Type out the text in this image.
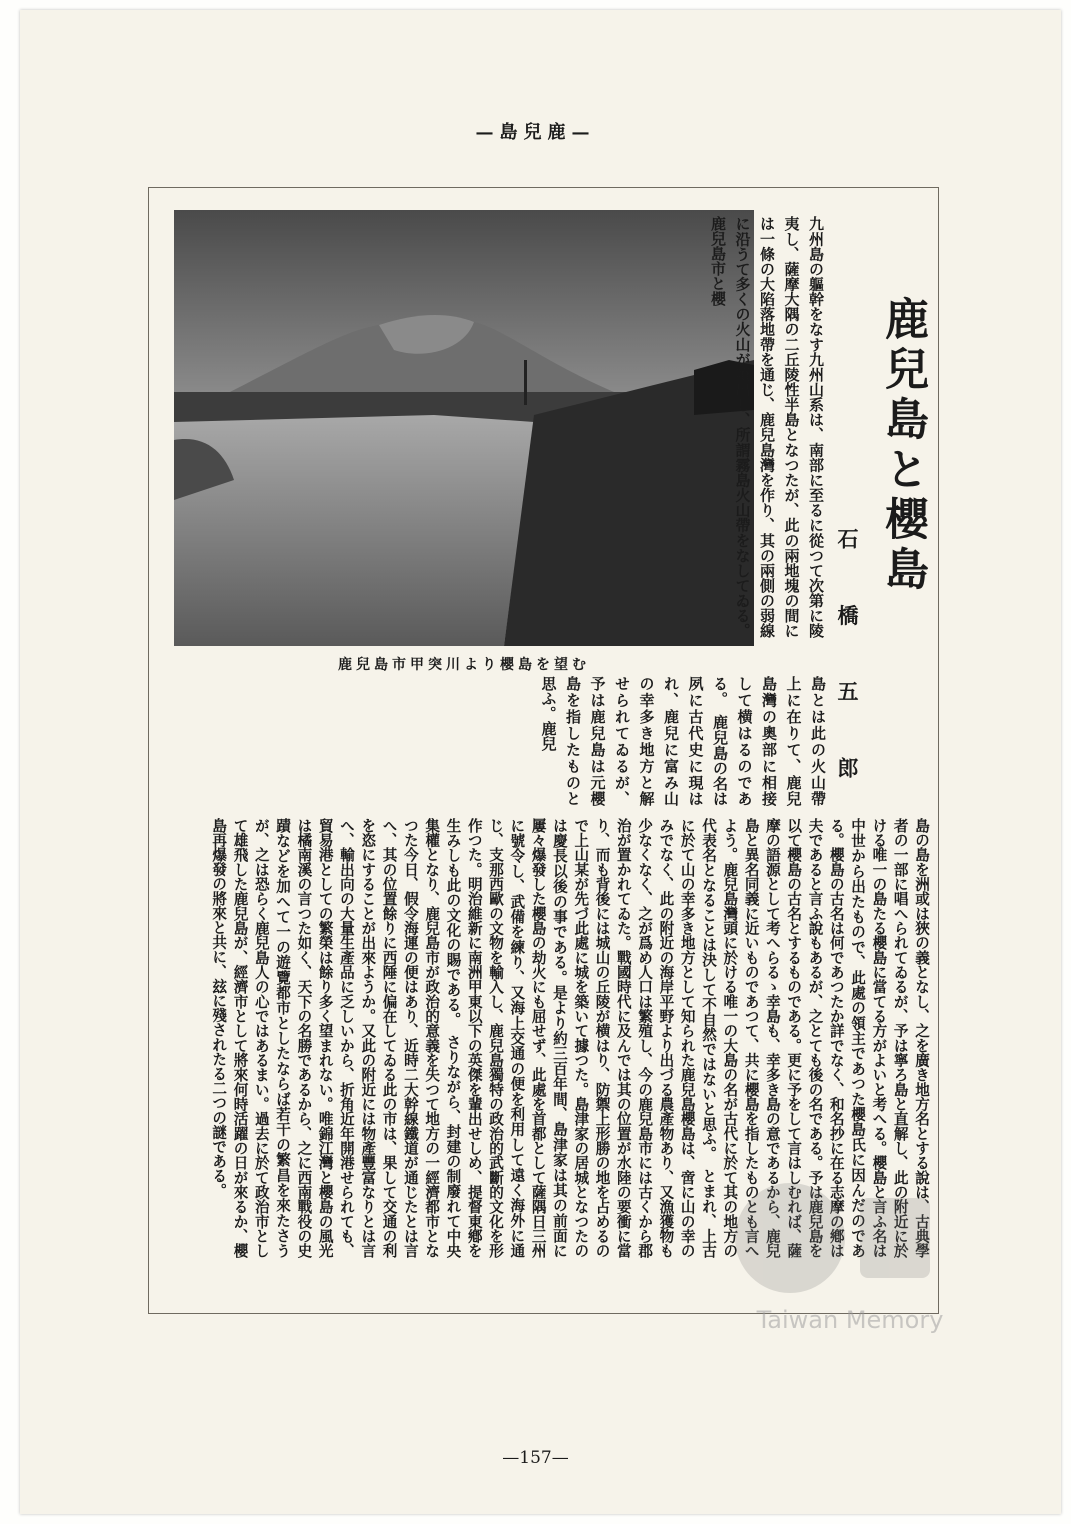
—島兒鹿—
鹿兒島市甲突川より櫻島を望む
鹿兒島と櫻島
石 橋 五 郎
九州島の軀幹をなす九州山系は、南部に至るに從つて次第に陵夷し、薩摩大隅の二丘陵性半島となつたが、此の兩地塊の間には一條の大陷落地帶を通じ、鹿兒島灣を作り、其の兩側の弱線に沿うて多くの火山が噴出し、所謂霧島火山帶をなしてゐる。鹿兒島市と櫻
島とは此の火山帶上に在りて、鹿兒島灣の奧部に相接して横はるのである。　鹿兒島の名は夙に古代史に現はれ、鹿兒に富み山の幸多き地方と解せられてゐるが、予は鹿兒島は元櫻島を指したものと思ふ。鹿兒
島の島を洲或は狹の義となし、之を廣き地方名とする說は、古典學者の一部に唱へられてゐるが、予は寧ろ島と直解し、此の附近に於ける唯一の島たる櫻島に當てる方がよいと考へる。櫻島と言ふ名は中世から出たもので、此處の領主であつた櫻島氏に因んだのである。櫻島の古名は何であつたか詳でなく、和名抄に在る志摩の鄕は夫であると言ふ說もあるが、之とても後の名である。予は鹿兒島を以て櫻島の古名とするものである。更に予をして言はしむれば、薩摩の語源として考へらるゝ幸島も、幸多き島の意であるから、鹿兒島と異名同義に近いものであつて、共に櫻島を指したものとも言へよう。鹿兒島灣頭に於ける唯一の大島の名が古代に於て其の地方の代表名となることは決して不自然ではないと思ふ。　とまれ、上古に於て山の幸多き地方として知られた鹿兒島櫻島は、啻に山の幸のみでなく、此の附近の海岸平野より出づる農產物あり、又漁獲物も少なくなく、之が爲め人口は繁殖し、今の鹿兒島市には古くから郡治が置かれてゐた。戰國時代に及んでは其の位置が水陸の要衝に當り、而も背後には城山の丘陵が横はり、防禦上形勝の地を占めるので上山某が先づ此處に城を築いて據つた。島津家の居城となつたのは慶長以後の事である。是より約三百年間、島津家は其の前面に屢々爆發した櫻島の劫火にも屈せず、此處を首都として薩隅日三州に號令し、武備を練り、又海上交通の便を利用して遠く海外に通じ、支那西歐の文物を輸入し、鹿兒島獨特の政治的武斷的文化を形作つた。明治維新に南洲甲東以下の英傑を輩出せしめ、提督東鄕を生みしも此の文化の賜である。　さりながら、封建の制廢れて中央集權となり、鹿兒島市が政治的意義を失つて地方の一經濟都市となつた今日、假令海運の便はあり、近時二大幹線鐵道が通じたとは言へ、其の位置餘りに西陲に偏在してゐる此の市は、果して交通の利を恣にすることが出來ようか。又此の附近には物產豐富なりとは言へ、輸出向の大量生產品に乏しいから、折角近年開港せられても、貿易港としての繁榮は餘り多く望まれない。唯錦江灣と櫻島の風光は橘南溪の言つた如く、天下の名勝であるから、之に西南戰役の史蹟などを加へて一の遊覽都市としたならば若干の繁昌を來たさうが、之は恐らく鹿兒島人の心ではあるまい。過去に於て政治市として雄飛した鹿兒島が、經濟市として將來何時活躍の日が來るか、櫻島再爆發の將來と共に、玆に殘されたる二つの謎である。
—157—
Taiwan Memory
